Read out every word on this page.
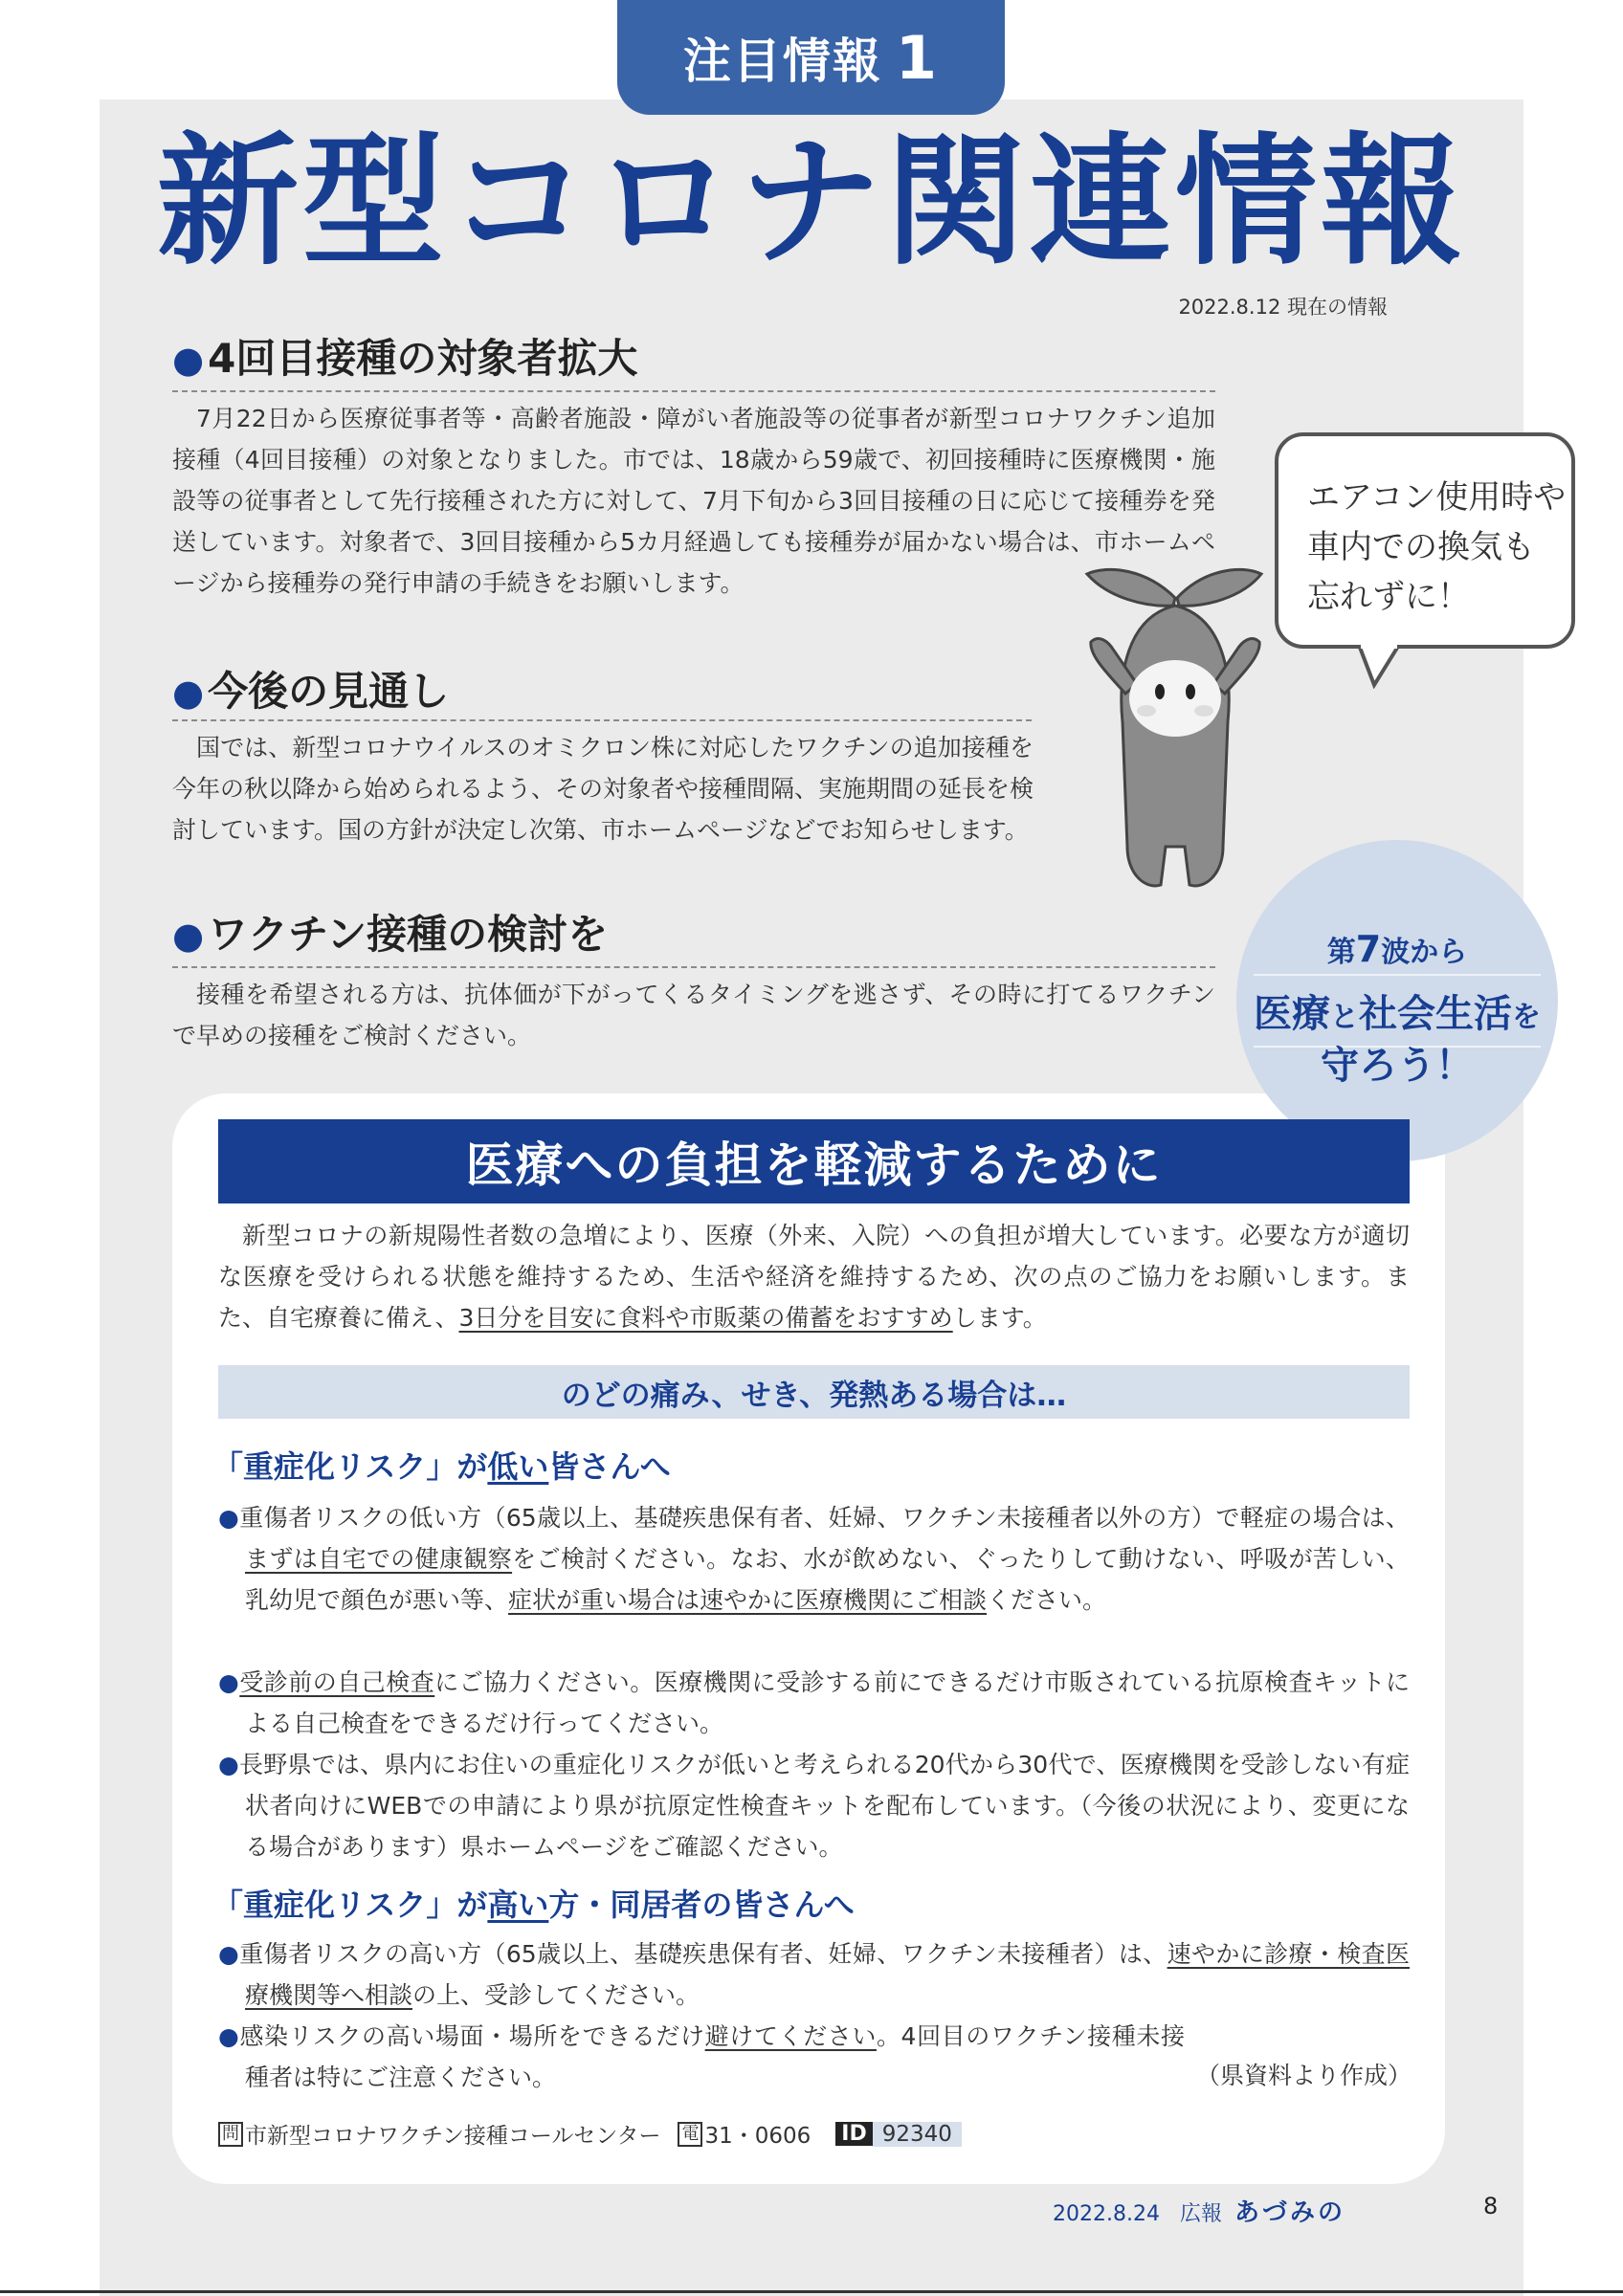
注目情報 1
新型コロナ関連情報
2022.8.12 現在の情報
●4回目接種の対象者拡大
7月22日から医療従事者等・高齢者施設・障がい者施設等の従事者が新型コロナワクチン追加接種（4回目接種）の対象となりました。市では、18歳から59歳で、初回接種時に医療機関・施設等の従事者として先行接種された方に対して、7月下旬から3回目接種の日に応じて接種券を発送しています。対象者で、3回目接種から5カ月経過しても接種券が届かない場合は、市ホームページから接種券の発行申請の手続きをお願いします。
●今後の見通し
国では、新型コロナウイルスのオミクロン株に対応したワクチンの追加接種を今年の秋以降から始められるよう、その対象者や接種間隔、実施期間の延長を検討しています。国の方針が決定し次第、市ホームページなどでお知らせします。
●ワクチン接種の検討を
接種を希望される方は、抗体価が下がってくるタイミングを逃さず、その時に打てるワクチンで早めの接種をご検討ください。
エアコン使用時や
車内での換気も
忘れずに！
第7波から
医療と社会生活を
守ろう！
医療への負担を軽減するために
新型コロナの新規陽性者数の急増により、医療（外来、入院）への負担が増大しています。必要な方が適切な医療を受けられる状態を維持するため、生活や経済を維持するため、次の点のご協力をお願いします。また、自宅療養に備え、3日分を目安に食料や市販薬の備蓄をおすすめします。
のどの痛み、せき、発熱ある場合は…
「重症化リスク」が低い皆さんへ
●重傷者リスクの低い方（65歳以上、基礎疾患保有者、妊婦、ワクチン未接種者以外の方）で軽症の場合は、まずは自宅での健康観察をご検討ください。なお、水が飲めない、ぐったりして動けない、呼吸が苦しい、乳幼児で顔色が悪い等、症状が重い場合は速やかに医療機関にご相談ください。
●受診前の自己検査にご協力ください。医療機関に受診する前にできるだけ市販されている抗原検査キットによる自己検査をできるだけ行ってください。
●長野県では、県内にお住いの重症化リスクが低いと考えられる20代から30代で、医療機関を受診しない有症状者向けにWEBでの申請により県が抗原定性検査キットを配布しています。（今後の状況により、変更になる場合があります）県ホームページをご確認ください。
「重症化リスク」が高い方・同居者の皆さんへ
●重傷者リスクの高い方（65歳以上、基礎疾患保有者、妊婦、ワクチン未接種者）は、速やかに診療・検査医療機関等へ相談の上、受診してください。
●感染リスクの高い場面・場所をできるだけ避けてください。4回目のワクチン接種未接種者は特にご注意ください。	（県資料より作成）
問 市新型コロナワクチン接種コールセンター 電 31・0606 ID 92340
2022.8.24 広報 あづみの	8
